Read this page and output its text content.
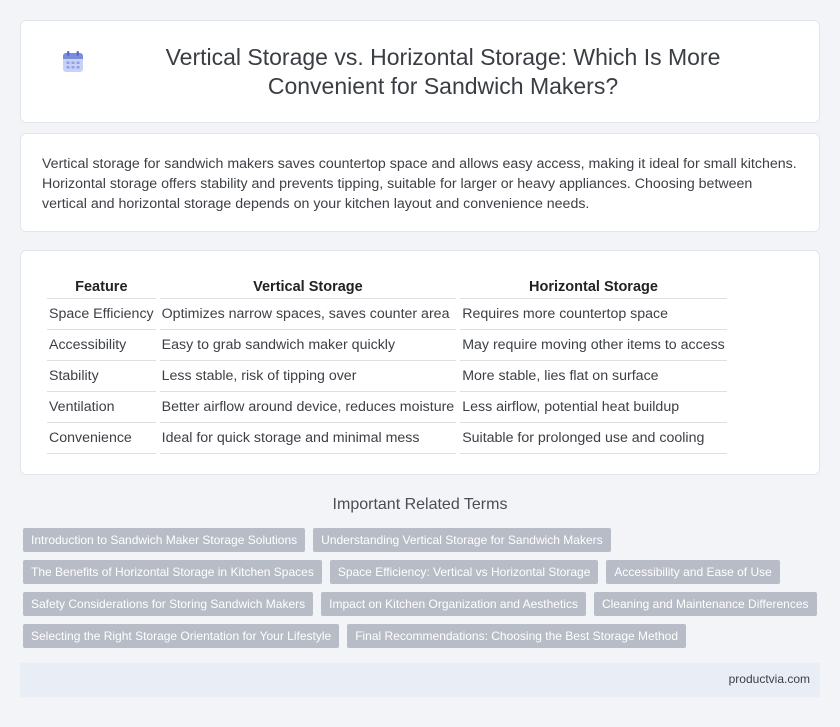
Vertical Storage vs. Horizontal Storage: Which Is More Convenient for Sandwich Makers?

Vertical storage for sandwich makers saves countertop space and allows easy access, making it ideal for small kitchens. Horizontal storage offers stability and prevents tipping, suitable for larger or heavy appliances. Choosing between vertical and horizontal storage depends on your kitchen layout and convenience needs.

Feature	Vertical Storage	Horizontal Storage
Space Efficiency	Optimizes narrow spaces, saves counter area	Requires more countertop space
Accessibility	Easy to grab sandwich maker quickly	May require moving other items to access
Stability	Less stable, risk of tipping over	More stable, lies flat on surface
Ventilation	Better airflow around device, reduces moisture	Less airflow, potential heat buildup
Convenience	Ideal for quick storage and minimal mess	Suitable for prolonged use and cooling
Important Related Terms
Introduction to Sandwich Maker Storage Solutions	Understanding Vertical Storage for Sandwich Makers
The Benefits of Horizontal Storage in Kitchen Spaces	Space Efficiency: Vertical vs Horizontal Storage	Accessibility and Ease of Use
Safety Considerations for Storing Sandwich Makers	Impact on Kitchen Organization and Aesthetics	Cleaning and Maintenance Differences
Selecting the Right Storage Orientation for Your Lifestyle	Final Recommendations: Choosing the Best Storage Method
productvia.com
